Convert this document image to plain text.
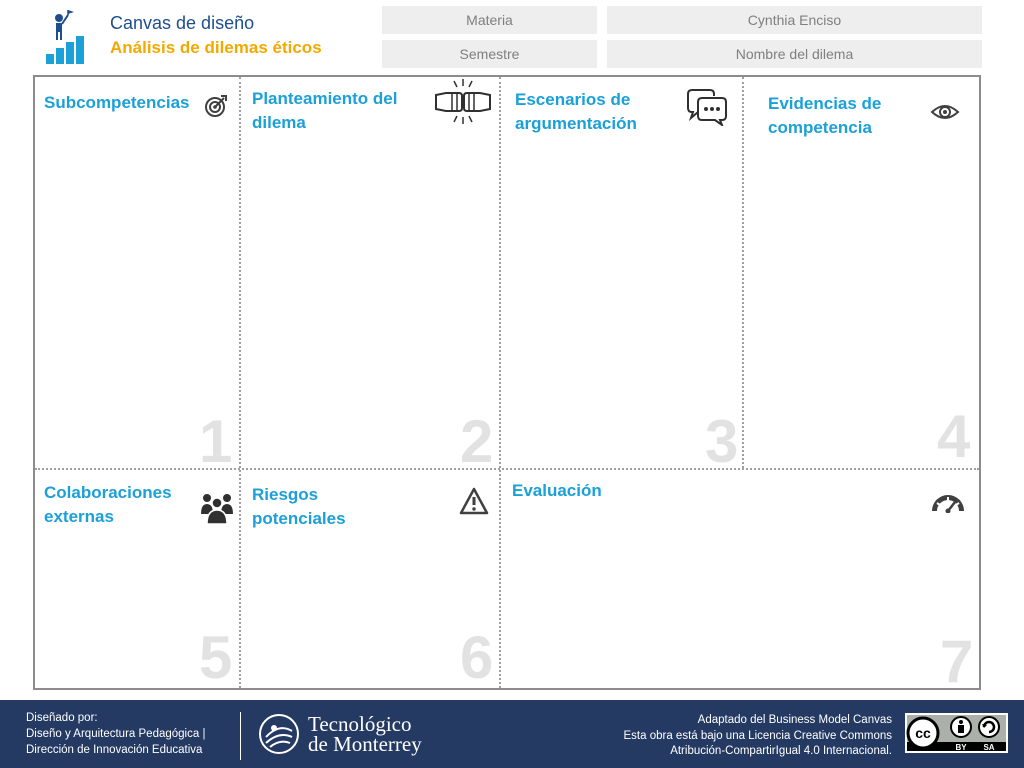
Canvas de diseño
Análisis de dilemas éticos
Materia	Cynthia Enciso
Semestre	Nombre del dilema
Subcompetencias
1
Planteamiento del dilema
2
Escenarios de argumentación
3
Evidencias de competencia
4
Colaboraciones externas
5
Riesgos potenciales
6
Evaluación
7
Diseñado por:
Diseño y Arquitectura Pedagógica |
Dirección de Innovación Educativa
Tecnológico
de Monterrey
Adaptado del Business Model Canvas
Esta obra está bajo una Licencia Creative Commons
Atribución-CompartirIgual 4.0 Internacional.
cc
BY SA
